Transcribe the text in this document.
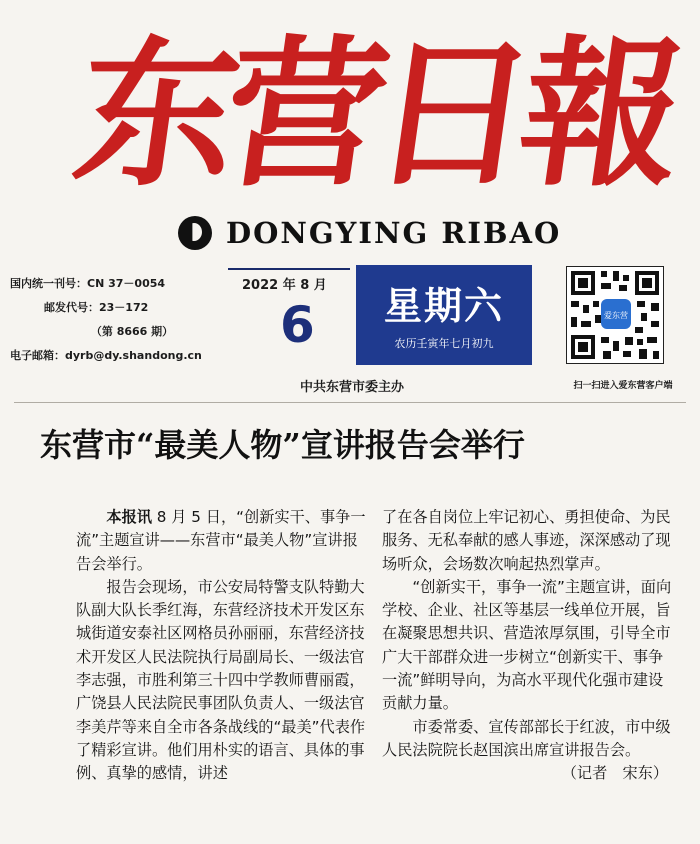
东营日報
DONGYING RIBAO
国内统一刊号：CN 37－0054
邮发代号：23－172
（第 8666 期）
电子邮箱：dyrb@dy.shandong.cn
2022 年 8 月
6	星期六
农历壬寅年七月初九
中共东营市委主办
爱东营
扫一扫进入爱东营客户端
东营市“最美人物”宣讲报告会举行

本报讯 8 月 5 日，“创新实干、事争一流”主题宣讲——东营市“最美人物”宣讲报告会举行。

报告会现场，市公安局特警支队特勤大队副大队长季红海，东营经济技术开发区东城街道安泰社区网格员孙丽丽，东营经济技术开发区人民法院执行局副局长、一级法官李志强，市胜利第三十四中学教师曹丽霞，广饶县人民法院民事团队负责人、一级法官李美芹等来自全市各条战线的“最美”代表作了精彩宣讲。他们用朴实的语言、具体的事例、真挚的感情，讲述

了在各自岗位上牢记初心、勇担使命、为民服务、无私奉献的感人事迹，深深感动了现场听众，会场数次响起热烈掌声。

“创新实干，事争一流”主题宣讲，面向学校、企业、社区等基层一线单位开展，旨在凝聚思想共识、营造浓厚氛围，引导全市广大干部群众进一步树立“创新实干、事争一流”鲜明导向，为高水平现代化强市建设贡献力量。

市委常委、宣传部部长于红波，市中级人民法院院长赵国滨出席宣讲报告会。

（记者　宋东）
